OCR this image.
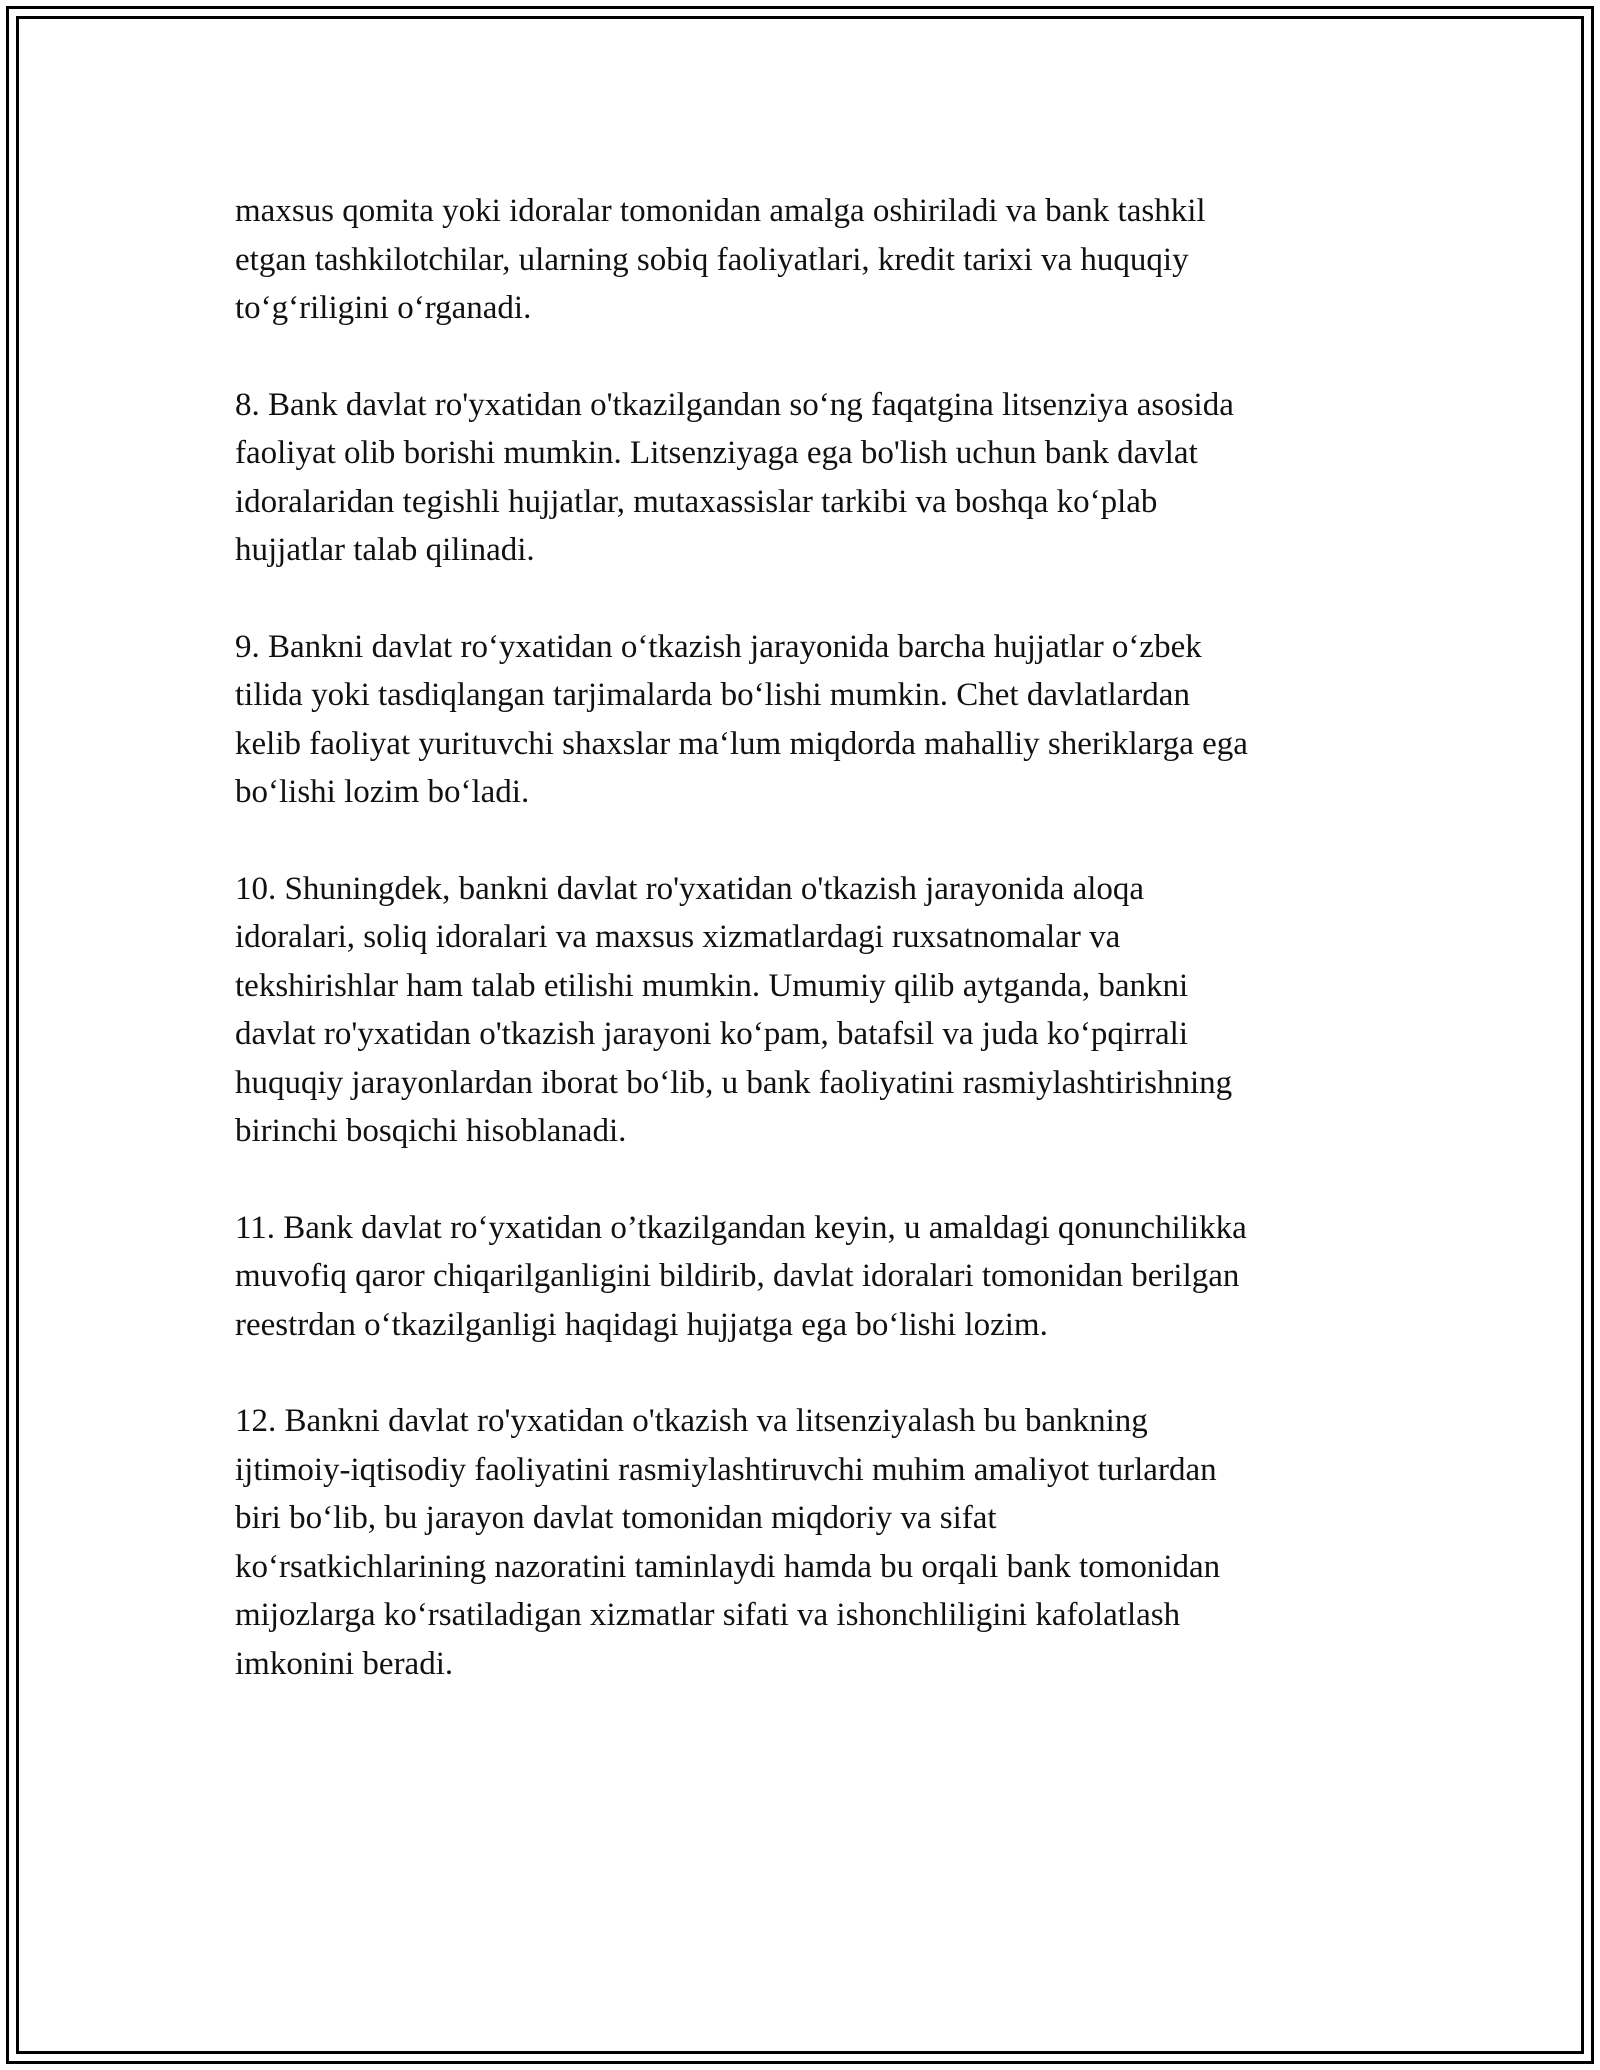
maxsus qomita yoki idoralar tomonidan amalga oshiriladi va bank tashkil
etgan tashkilotchilar, ularning sobiq faoliyatlari, kredit tarixi va huquqiy
to‘g‘riligini o‘rganadi.

8. Bank davlat ro'yxatidan o'tkazilgandan so‘ng faqatgina litsenziya asosida
faoliyat olib borishi mumkin. Litsenziyaga ega bo'lish uchun bank davlat
idoralaridan tegishli hujjatlar, mutaxassislar tarkibi va boshqa ko‘plab
hujjatlar talab qilinadi.

9. Bankni davlat ro‘yxatidan o‘tkazish jarayonida barcha hujjatlar o‘zbek
tilida yoki tasdiqlangan tarjimalarda bo‘lishi mumkin. Chet davlatlardan
kelib faoliyat yurituvchi shaxslar ma‘lum miqdorda mahalliy sheriklarga ega
bo‘lishi lozim bo‘ladi.

10. Shuningdek, bankni davlat ro'yxatidan o'tkazish jarayonida aloqa
idoralari, soliq idoralari va maxsus xizmatlardagi ruxsatnomalar va
tekshirishlar ham talab etilishi mumkin. Umumiy qilib aytganda, bankni
davlat ro'yxatidan o'tkazish jarayoni ko‘pam, batafsil va juda ko‘pqirrali
huquqiy jarayonlardan iborat bo‘lib, u bank faoliyatini rasmiylashtirishning
birinchi bosqichi hisoblanadi.

11. Bank davlat ro‘yxatidan o’tkazilgandan keyin, u amaldagi qonunchilikka
muvofiq qaror chiqarilganligini bildirib, davlat idoralari tomonidan berilgan
reestrdan o‘tkazilganligi haqidagi hujjatga ega bo‘lishi lozim.

12. Bankni davlat ro'yxatidan o'tkazish va litsenziyalash bu bankning
ijtimoiy-iqtisodiy faoliyatini rasmiylashtiruvchi muhim amaliyot turlardan
biri bo‘lib, bu jarayon davlat tomonidan miqdoriy va sifat
ko‘rsatkichlarining nazoratini taminlaydi hamda bu orqali bank tomonidan
mijozlarga ko‘rsatiladigan xizmatlar sifati va ishonchliligini kafolatlash
imkonini beradi.
